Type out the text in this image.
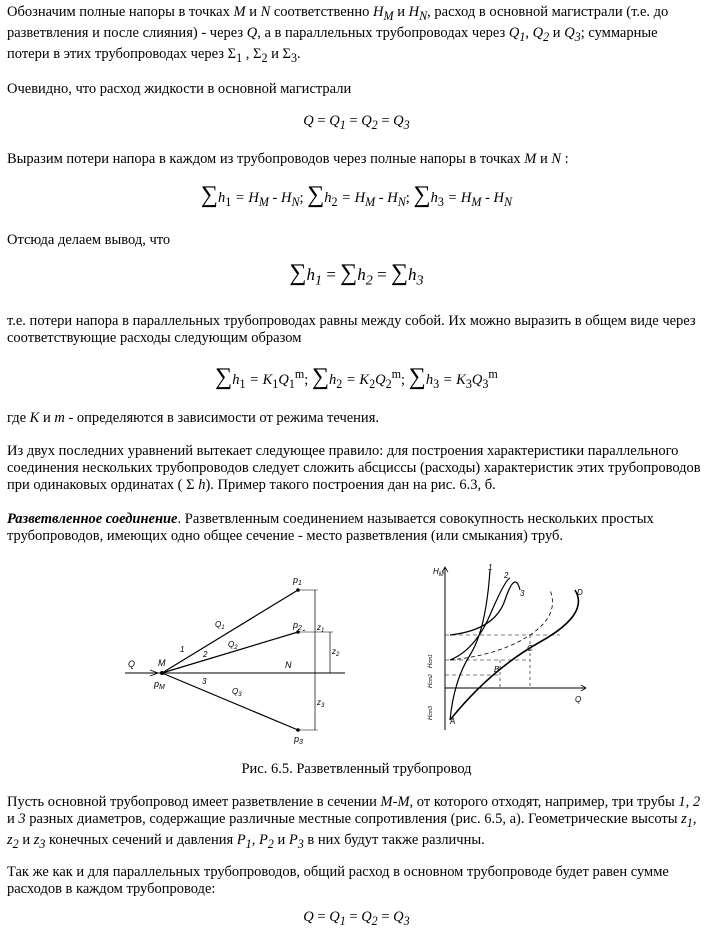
Обозначим полные напоры в точках M и N соответственно $H_M$ и $H_N$, расход в основной магистрали (т.е. до разветвления и после слияния) - через Q, а в параллельных трубопроводах через $Q_1$, $Q_2$ и $Q_3$; суммарные потери в этих трубопроводах через $\Sigma_1$ , $\Sigma_2$ и $\Sigma_3$.
Очевидно, что расход жидкости в основной магистрали
$Q = Q_1 = Q_2 = Q_3$
Выразим потери напора в каждом из трубопроводов через полные напоры в точках M и N :
$\sum h_1 = H_M - H_N$; $\sum h_2 = H_M - H_N$; $\sum h_3 = H_M - H_N$
Отсюда делаем вывод, что
$\sum h_1 = \sum h_2 = \sum h_3$
т.е. потери напора в параллельных трубопроводах равны между собой. Их можно выразить в общем виде через соответствующие расходы следующим образом
$\sum h_1 = K_1Q_1^m$; $\sum h_2 = K_2Q_2^m$; $\sum h_3 = K_3Q_3^m$
где K и m - определяются в зависимости от режима течения.
Из двух последних уравнений вытекает следующее правило: для построения характеристики параллельного соединения нескольких трубопроводов следует сложить абсциссы (расходы) характеристик этих трубопроводов при одинаковых ординатах ( Σ h). Пример такого построения дан на рис. 6.3, б.
Разветвленное соединение. Разветвленным соединением называется совокупность нескольких простых трубопроводов, имеющих одно общее сечение - место разветвления (или смыкания) труб.
Q	M
$p_M$
N
$p_1$
$p_2$
$p_3$
$Q_1$
$Q_2$
$Q_3$
1
2
3
$z_1$
$z_2$
$z_3$
$H_M$
Q
1
2
3	D
A
B
C
Hст1
Hст2
Hст3
Рис. 6.5. Разветвленный трубопровод
Пусть основной трубопровод имеет разветвление в сечении М-М, от которого отходят, например, три трубы 1, 2 и 3 разных диаметров, содержащие различные местные сопротивления (рис. 6.5, а). Геометрические высоты $z_1$, $z_2$ и $z_3$ конечных сечений и давления $P_1$, $P_2$ и $P_3$ в них будут также различны.
Так же как и для параллельных трубопроводов, общий расход в основном трубопроводе будет равен сумме расходов в каждом трубопроводе:
$Q = Q_1 = Q_2 = Q_3$
